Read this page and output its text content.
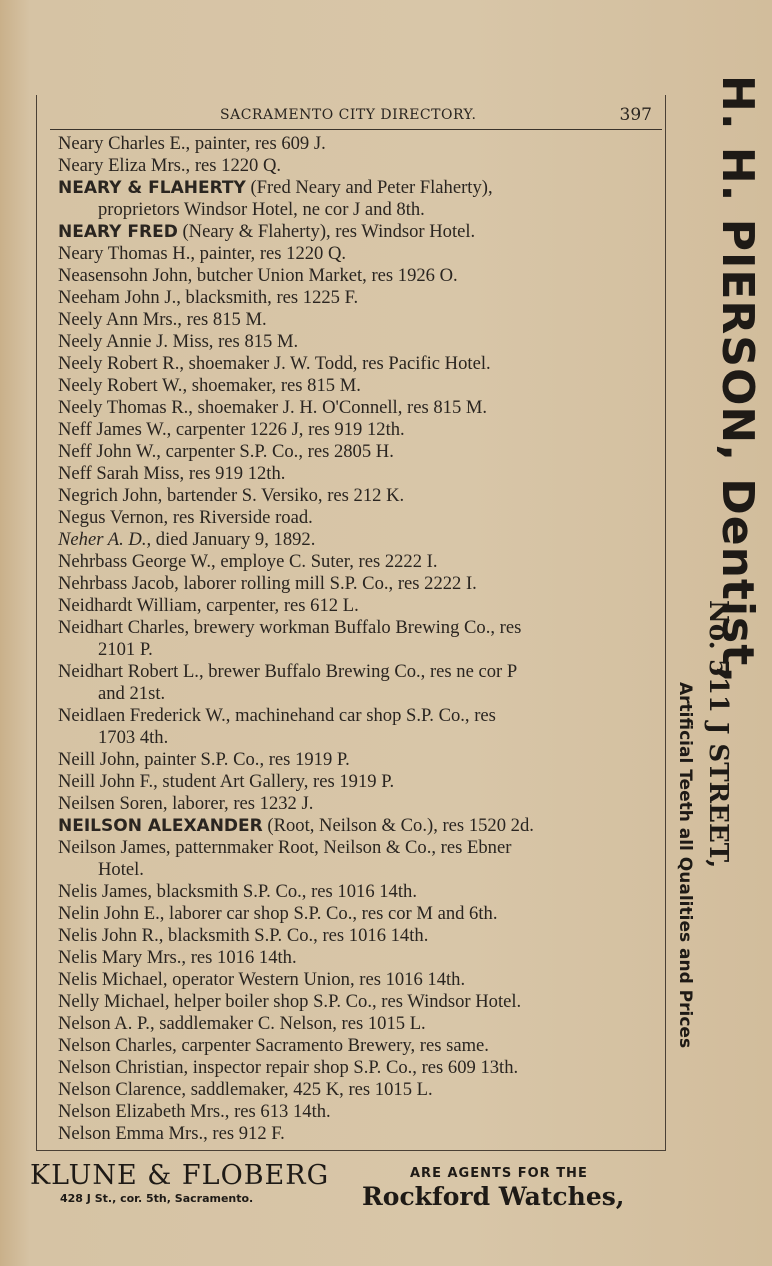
SACRAMENTO CITY DIRECTORY.	397
Neary Charles E., painter, res 609 J.
Neary Eliza Mrs., res 1220 Q.
NEARY & FLAHERTY (Fred Neary and Peter Flaherty),
proprietors Windsor Hotel, ne cor J and 8th.
NEARY FRED (Neary & Flaherty), res Windsor Hotel.
Neary Thomas H., painter, res 1220 Q.
Neasensohn John, butcher Union Market, res 1926 O.
Neeham John J., blacksmith, res 1225 F.
Neely Ann Mrs., res 815 M.
Neely Annie J. Miss, res 815 M.
Neely Robert R., shoemaker J. W. Todd, res Pacific Hotel.
Neely Robert W., shoemaker, res 815 M.
Neely Thomas R., shoemaker J. H. O'Connell, res 815 M.
Neff James W., carpenter 1226 J, res 919 12th.
Neff John W., carpenter S.P. Co., res 2805 H.
Neff Sarah Miss, res 919 12th.
Negrich John, bartender S. Versiko, res 212 K.
Negus Vernon, res Riverside road.
Neher A. D., died January 9, 1892.
Nehrbass George W., employe C. Suter, res 2222 I.
Nehrbass Jacob, laborer rolling mill S.P. Co., res 2222 I.
Neidhardt William, carpenter, res 612 L.
Neidhart Charles, brewery workman Buffalo Brewing Co., res
2101 P.
Neidhart Robert L., brewer Buffalo Brewing Co., res ne cor P
and 21st.
Neidlaen Frederick W., machinehand car shop S.P. Co., res
1703 4th.
Neill John, painter S.P. Co., res 1919 P.
Neill John F., student Art Gallery, res 1919 P.
Neilsen Soren, laborer, res 1232 J.
NEILSON ALEXANDER (Root, Neilson & Co.), res 1520 2d.
Neilson James, patternmaker Root, Neilson & Co., res Ebner
Hotel.
Nelis James, blacksmith S.P. Co., res 1016 14th.
Nelin John E., laborer car shop S.P. Co., res cor M and 6th.
Nelis John R., blacksmith S.P. Co., res 1016 14th.
Nelis Mary Mrs., res 1016 14th.
Nelis Michael, operator Western Union, res 1016 14th.
Nelly Michael, helper boiler shop S.P. Co., res Windsor Hotel.
Nelson A. P., saddlemaker C. Nelson, res 1015 L.
Nelson Charles, carpenter Sacramento Brewery, res same.
Nelson Christian, inspector repair shop S.P. Co., res 609 13th.
Nelson Clarence, saddlemaker, 425 K, res 1015 L.
Nelson Elizabeth Mrs., res 613 14th.
Nelson Emma Mrs., res 912 F.
H. H. PIERSON, Dentist,
No. 511 J STREET,
Artificial Teeth all Qualities and Prices
KLUNE & FLOBERG
428 J St., cor. 5th, Sacramento.
ARE AGENTS FOR THE
Rockford Watches,
